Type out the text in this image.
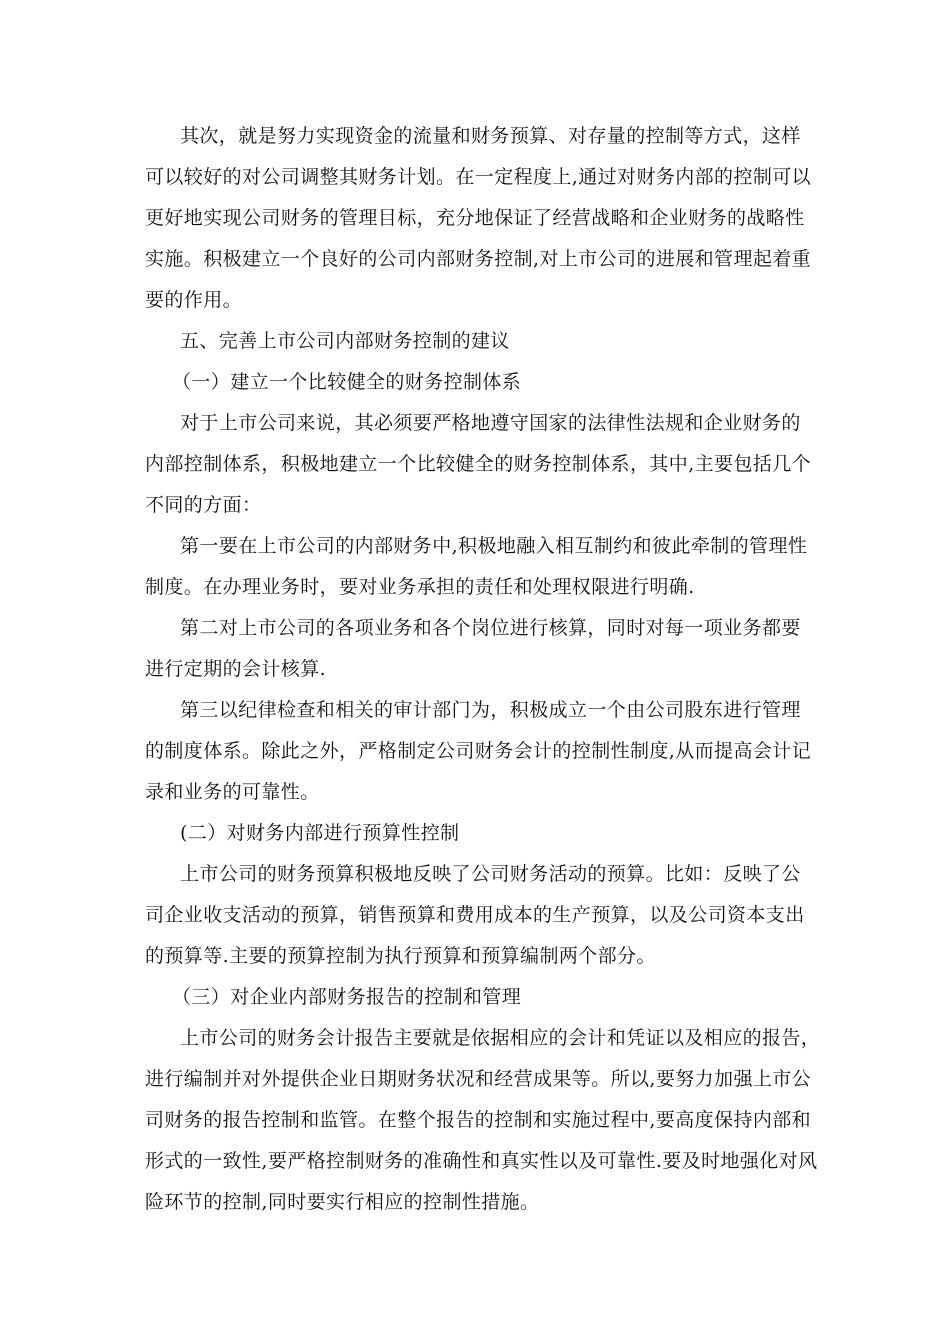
其次，就是努力实现资金的流量和财务预算、对存量的控制等方式，这样
可以较好的对公司调整其财务计划。在一定程度上,通过对财务内部的控制可以
更好地实现公司财务的管理目标，充分地保证了经营战略和企业财务的战略性
实施。积极建立一个良好的公司内部财务控制,对上市公司的进展和管理起着重
要的作用。
五、完善上市公司内部财务控制的建议
（一）建立一个比较健全的财务控制体系
对于上市公司来说，其必须要严格地遵守国家的法律性法规和企业财务的
内部控制体系，积极地建立一个比较健全的财务控制体系，其中,主要包括几个
不同的方面：
第一要在上市公司的内部财务中,积极地融入相互制约和彼此牵制的管理性
制度。在办理业务时，要对业务承担的责任和处理权限进行明确.
第二对上市公司的各项业务和各个岗位进行核算，同时对每一项业务都要
进行定期的会计核算.
第三以纪律检查和相关的审计部门为，积极成立一个由公司股东进行管理
的制度体系。除此之外，严格制定公司财务会计的控制性制度,从而提高会计记
录和业务的可靠性。
(二）对财务内部进行预算性控制
上市公司的财务预算积极地反映了公司财务活动的预算。比如：反映了公
司企业收支活动的预算，销售预算和费用成本的生产预算，以及公司资本支出
的预算等.主要的预算控制为执行预算和预算编制两个部分。
（三）对企业内部财务报告的控制和管理
上市公司的财务会计报告主要就是依据相应的会计和凭证以及相应的报告，
进行编制并对外提供企业日期财务状况和经营成果等。所以,要努力加强上市公
司财务的报告控制和监管。在整个报告的控制和实施过程中,要高度保持内部和
形式的一致性,要严格控制财务的准确性和真实性以及可靠性.要及时地强化对风
险环节的控制,同时要实行相应的控制性措施。
